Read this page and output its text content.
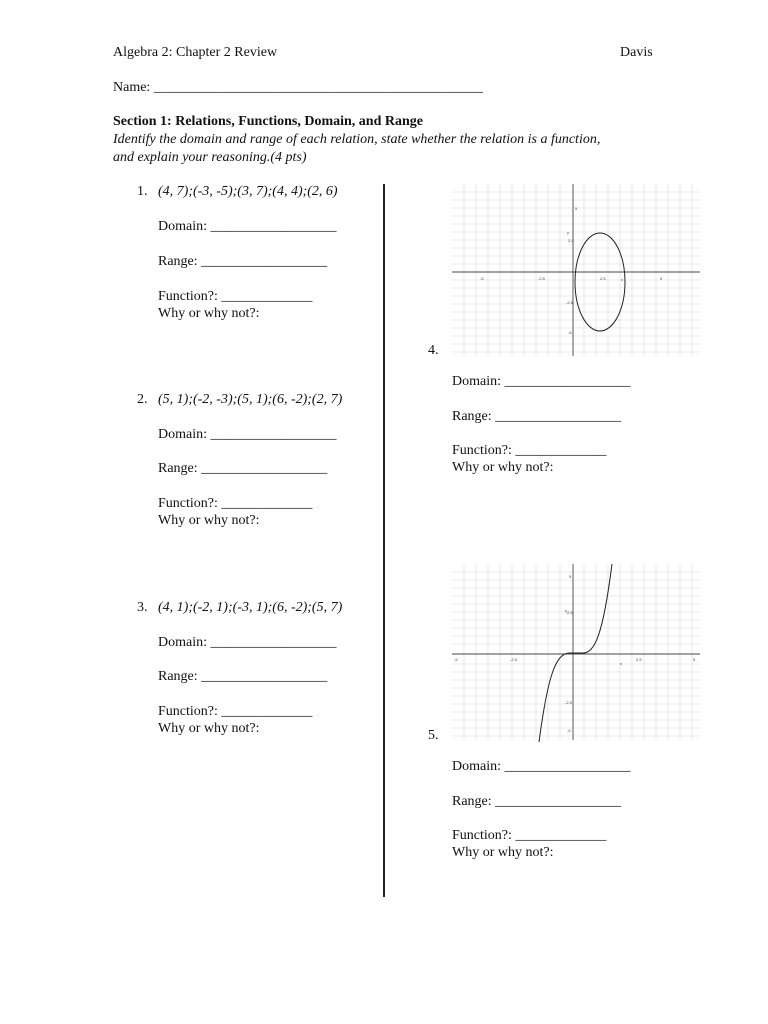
Algebra 2: Chapter 2 Review	Davis
Name: _______________________________________________
Section 1: Relations, Functions, Domain, and Range
Identify the domain and range of each relation, state whether the relation is a function,
and explain your reasoning.(4 pts)
1. (4, 7);(-3, -5);(3, 7);(4, 4);(2, 6)
Domain: __________________
Range: __________________
Function?: _____________
Why or why not?:
2. (5, 1);(-2, -3);(5, 1);(6, -2);(2, 7)
Domain: __________________
Range: __________________
Function?: _____________
Why or why not?:
3. (4, 1);(-2, 1);(-3, 1);(6, -2);(5, 7)
Domain: __________________
Range: __________________
Function?: _____________
Why or why not?:
-5	-2.5	2.5	5
5
2.5
-2.5
-5
x
y
4.
Domain: __________________
Range: __________________
Function?: _____________
Why or why not?:
-2.5
-5	2.5	5
5
2.5
-2.5
-5
x
y
5.
Domain: __________________
Range: __________________
Function?: _____________
Why or why not?:
